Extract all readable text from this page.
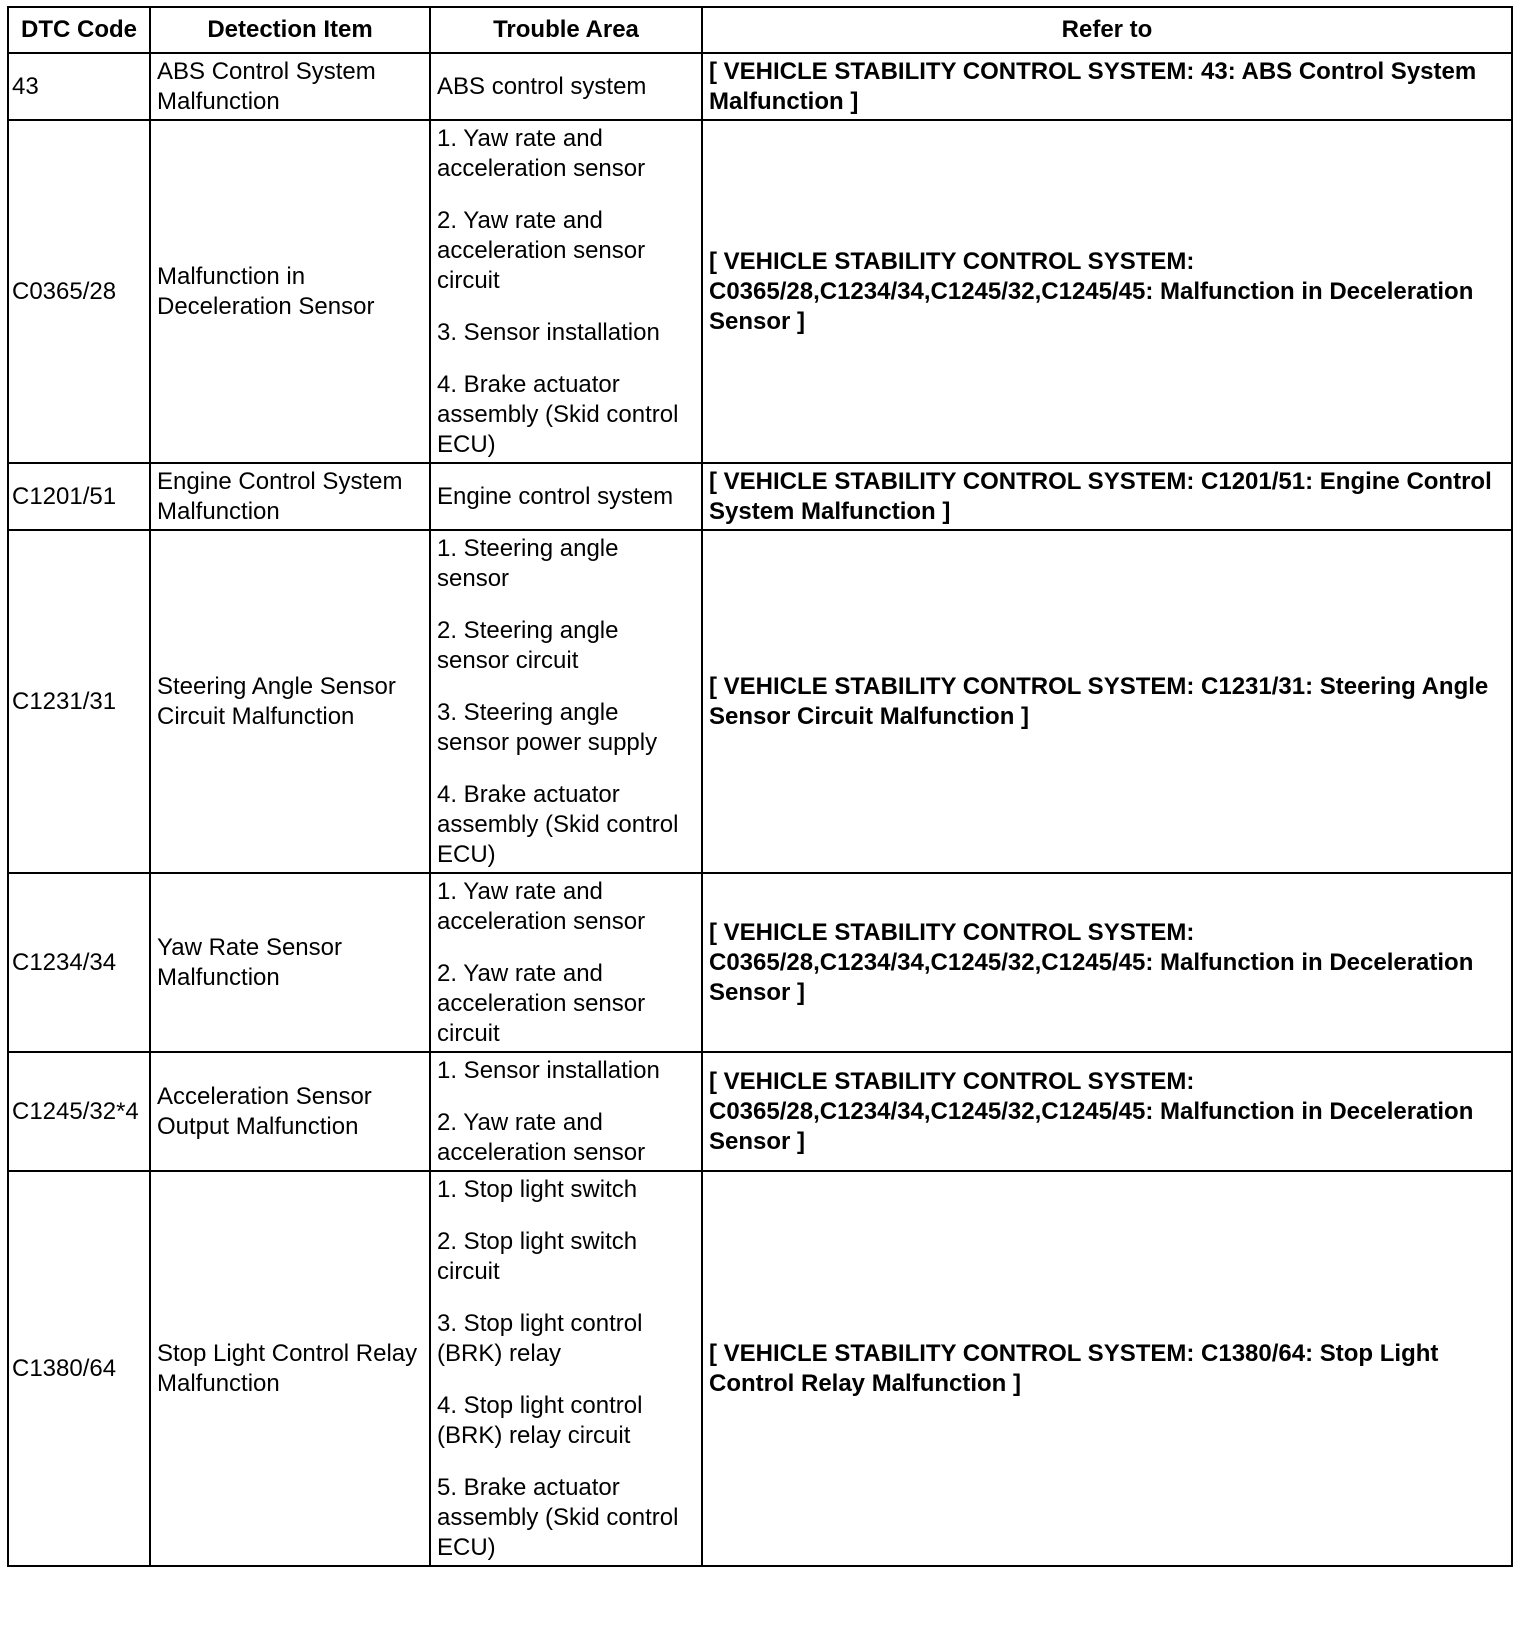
DTC Code	Detection Item	Trouble Area	Refer to
43	ABS Control System Malfunction	ABS control system	[ VEHICLE STABILITY CONTROL SYSTEM: 43: ABS Control System Malfunction ]
C0365/28	Malfunction in Deceleration Sensor	1. Yaw rate and acceleration sensor
2. Yaw rate and acceleration sensor circuit
3. Sensor installation
4. Brake actuator assembly (Skid control ECU)	[ VEHICLE STABILITY CONTROL SYSTEM: C0365/28,C1234/34,C1245/32,C1245/45: Malfunction in Deceleration Sensor ]
C1201/51	Engine Control System Malfunction	Engine control system	[ VEHICLE STABILITY CONTROL SYSTEM: C1201/51: Engine Control System Malfunction ]
C1231/31	Steering Angle Sensor Circuit Malfunction	1. Steering angle sensor
2. Steering angle sensor circuit
3. Steering angle sensor power supply
4. Brake actuator assembly (Skid control ECU)	[ VEHICLE STABILITY CONTROL SYSTEM: C1231/31: Steering Angle Sensor Circuit Malfunction ]
C1234/34	Yaw Rate Sensor Malfunction	1. Yaw rate and acceleration sensor
2. Yaw rate and acceleration sensor circuit	[ VEHICLE STABILITY CONTROL SYSTEM: C0365/28,C1234/34,C1245/32,C1245/45: Malfunction in Deceleration Sensor ]
C1245/32*4	Acceleration Sensor Output Malfunction	1. Sensor installation
2. Yaw rate and acceleration sensor	[ VEHICLE STABILITY CONTROL SYSTEM: C0365/28,C1234/34,C1245/32,C1245/45: Malfunction in Deceleration Sensor ]
C1380/64	Stop Light Control Relay Malfunction	1. Stop light switch
2. Stop light switch circuit
3. Stop light control (BRK) relay
4. Stop light control (BRK) relay circuit
5. Brake actuator assembly (Skid control ECU)	[ VEHICLE STABILITY CONTROL SYSTEM: C1380/64: Stop Light Control Relay Malfunction ]
